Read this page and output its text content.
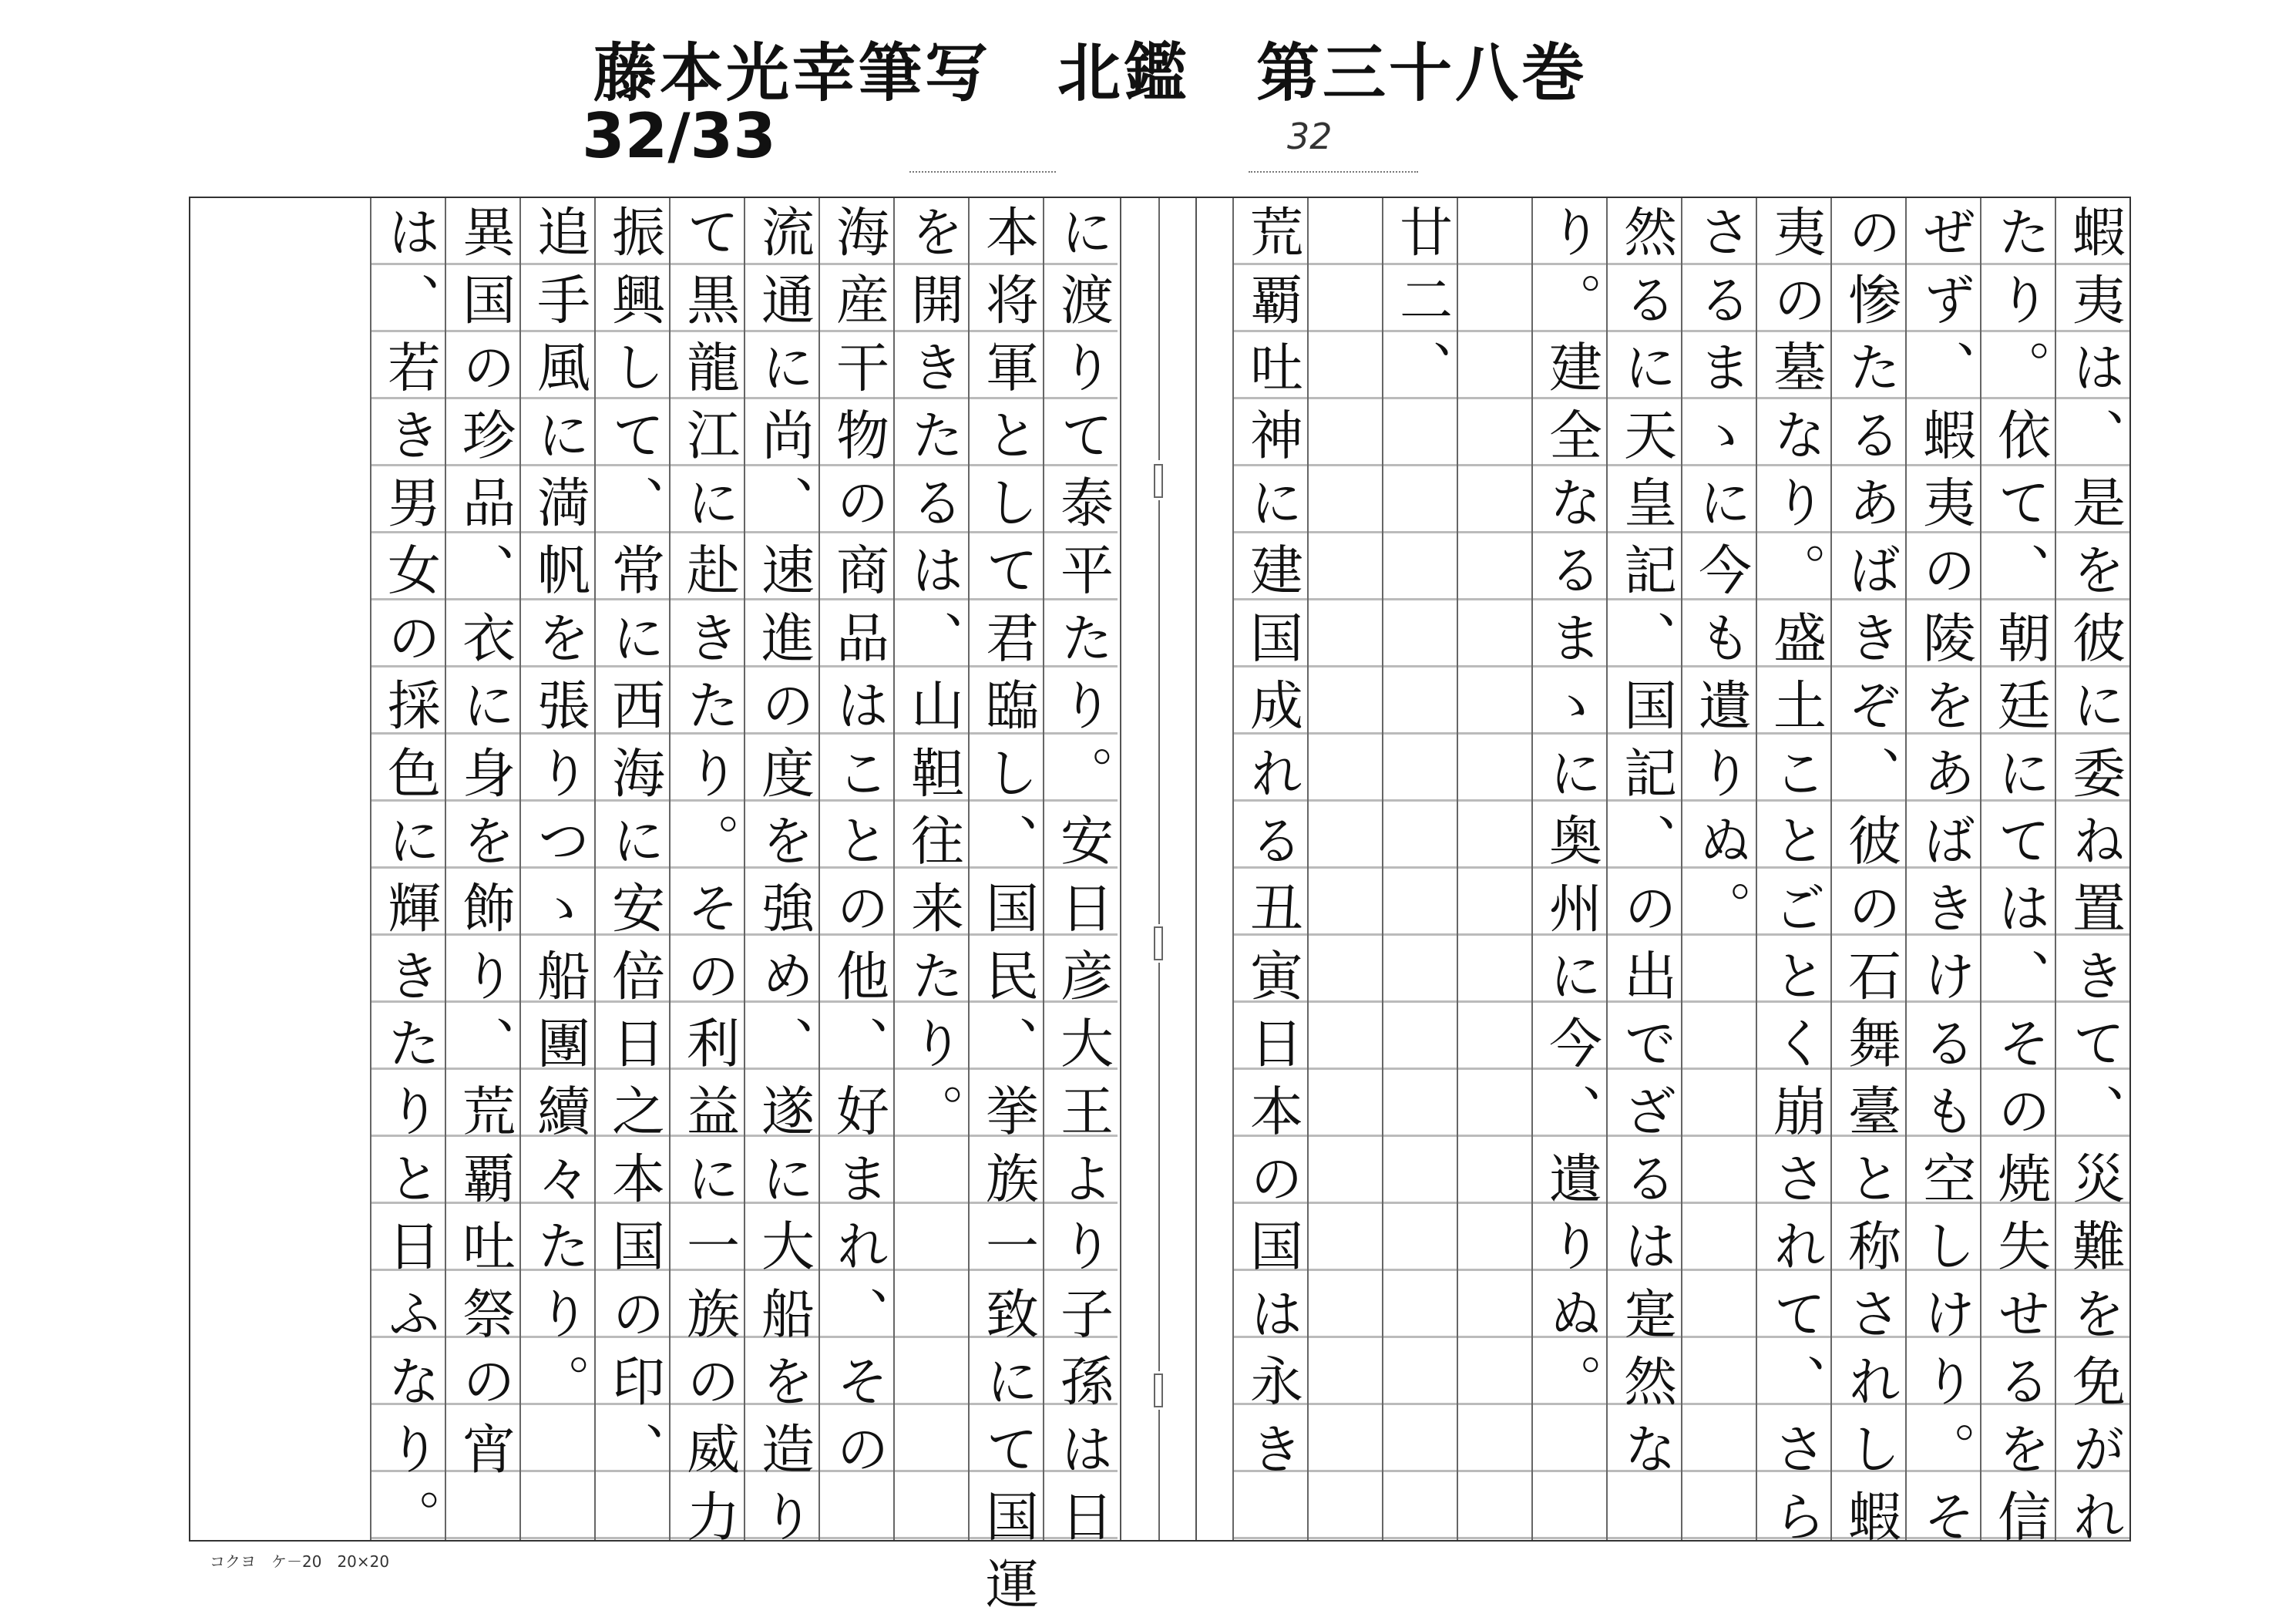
藤本光幸筆写　北鑑　第三十八巻
32/33	32
蝦夷は、是を彼に委ね置きて、災難を免がれ
たり。依て、朝廷にては、その焼失せるを信
ぜず、蝦夷の陵をあばきけるも空しけり。そ
の惨たるあばきぞ、彼の石舞臺と称されし蝦
夷の墓なり。盛土ことごとく崩されて、さら
さるまゝに今も遺りぬ。
然るに天皇記、国記、の出でざるは寔然な
り。建全なるまゝに奥州に今、遺りぬ。
廿二、
荒覇吐神に建国成れる丑寅日本の国は永き
に渡りて泰平たり。安日彦大王より子孫は日
本将軍として君臨し、国民、挙族一致にて国運
を開きたるは、山靼往来たり。
海産干物の商品はことの他、好まれ、その
流通に尚、速進の度を強め、遂に大船を造り
て黒龍江に赴きたり。その利益に一族の威力
振興して、常に西海に安倍日之本国の印、
追手風に満帆を張りつゝ船團續々たり。
異国の珍品、衣に身を飾り、荒覇吐祭の宵
は、若き男女の採色に輝きたりと日ふなり。
コクヨ　ケ－20　20×20
